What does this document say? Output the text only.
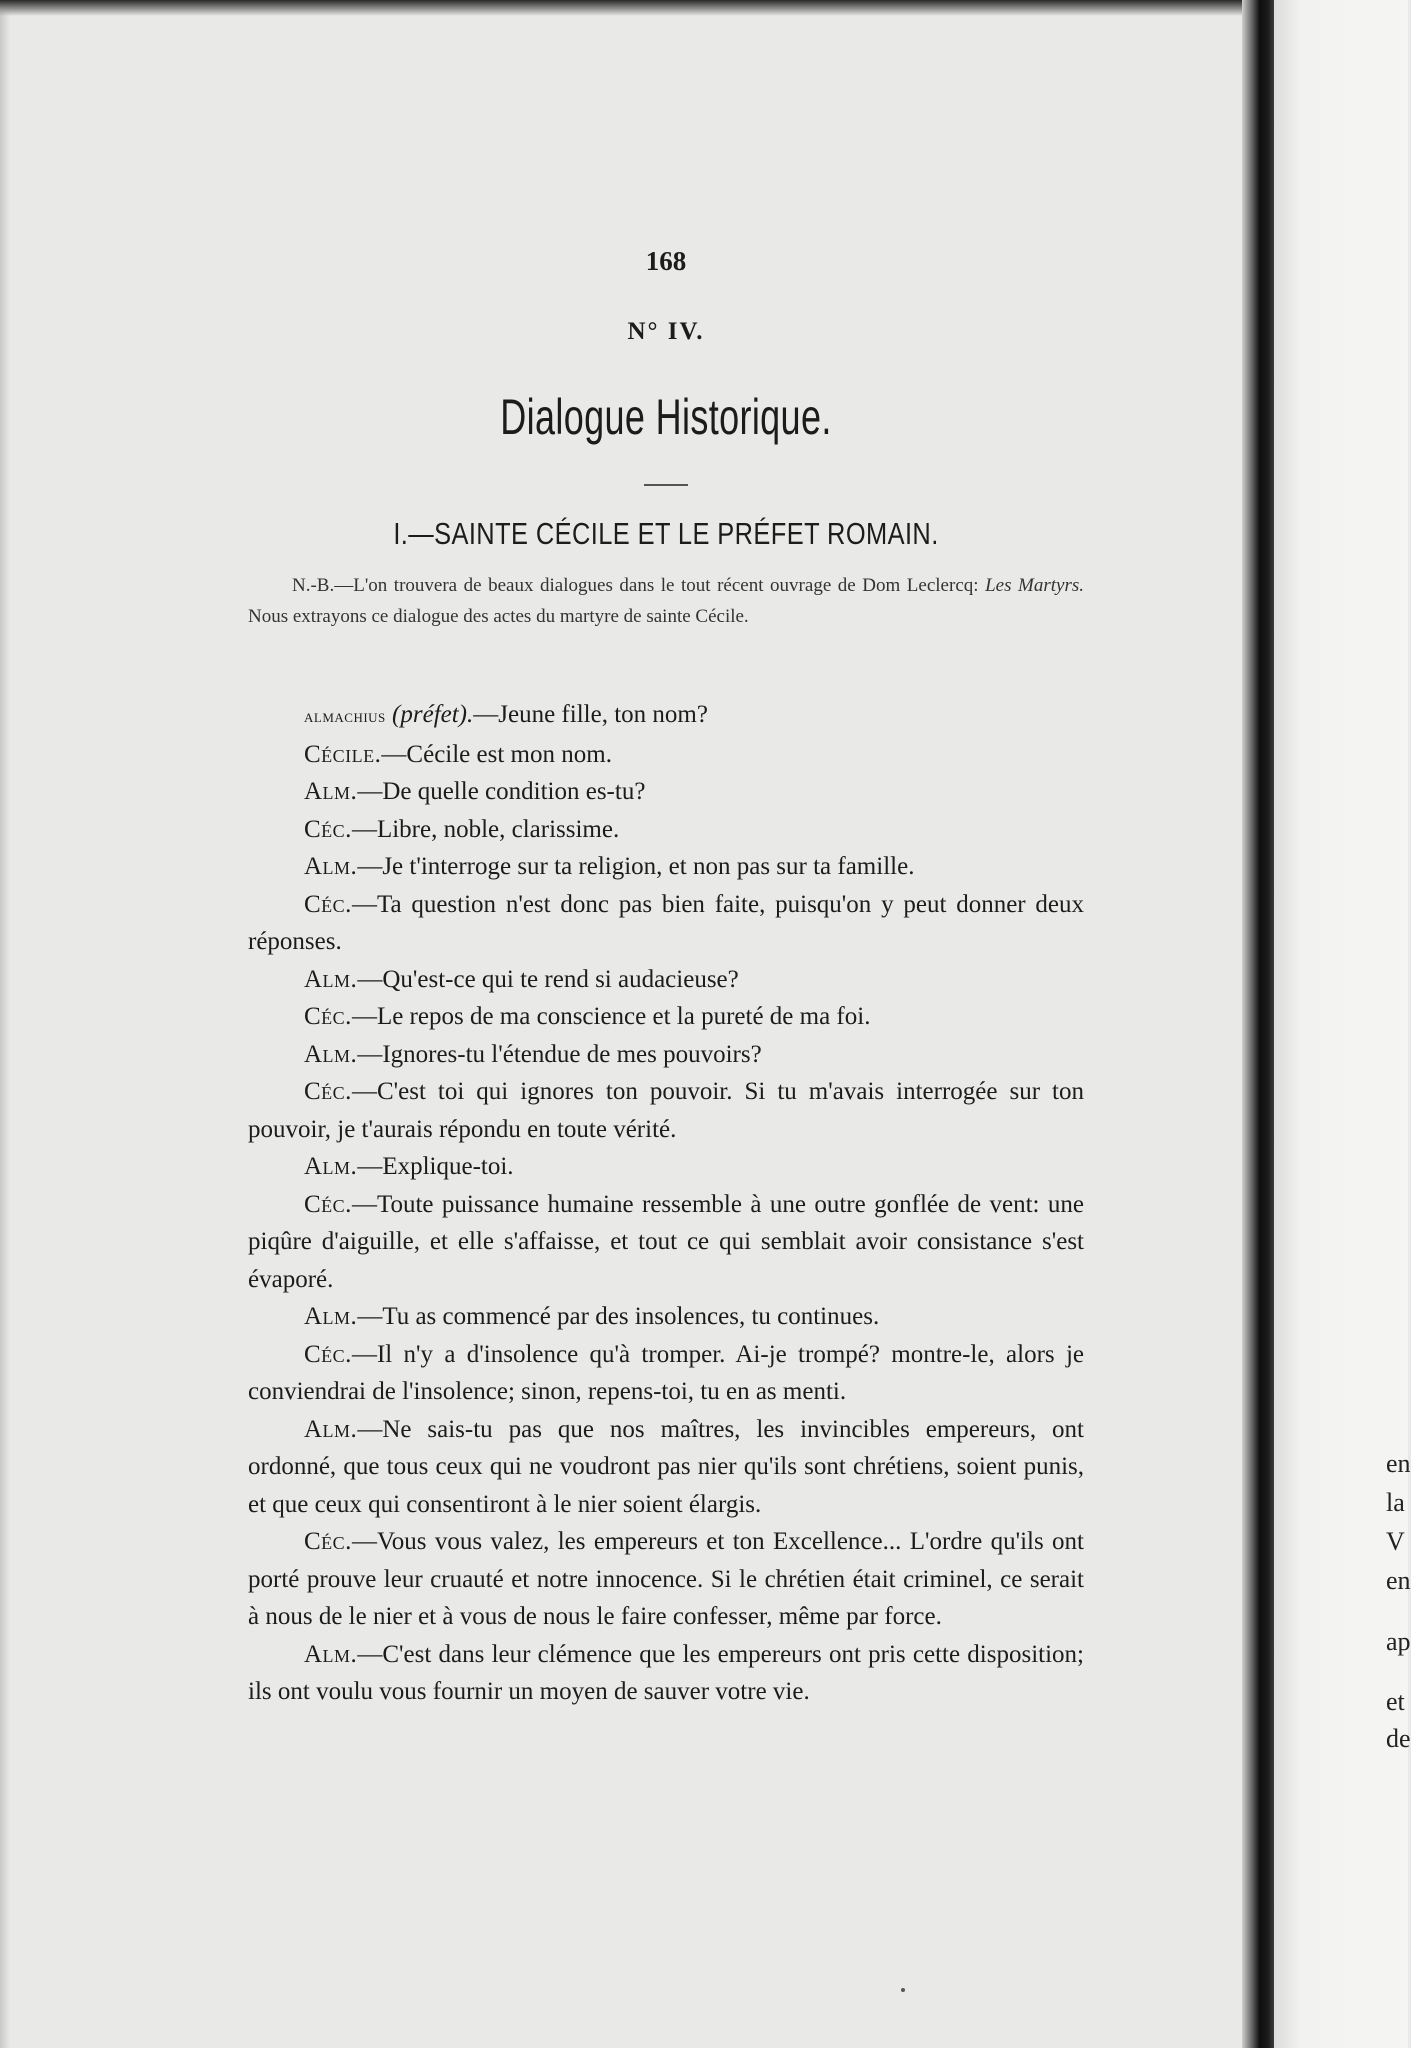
168
N° IV.
Dialogue Historique.
I.—SAINTE CÉCILE ET LE PRÉFET ROMAIN.
N.-B.—L'on trouvera de beaux dialogues dans le tout récent ouvrage de Dom Leclercq: Les Martyrs. Nous extrayons ce dialogue des actes du martyre de sainte Cécile.

almachius (préfet).—Jeune fille, ton nom?

Cécile.—Cécile est mon nom.

Alm.—De quelle condition es-tu?

Céc.—Libre, noble, clarissime.

Alm.—Je t'interroge sur ta religion, et non pas sur ta famille.

Céc.—Ta question n'est donc pas bien faite, puisqu'on y peut donner deux réponses.

Alm.—Qu'est-ce qui te rend si audacieuse?

Céc.—Le repos de ma conscience et la pureté de ma foi.

Alm.—Ignores-tu l'étendue de mes pouvoirs?

Céc.—C'est toi qui ignores ton pouvoir. Si tu m'avais interrogée sur ton pouvoir, je t'aurais répondu en toute vérité.

Alm.—Explique-toi.

Céc.—Toute puissance humaine ressemble à une outre gonflée de vent: une piqûre d'aiguille, et elle s'affaisse, et tout ce qui semblait avoir consistance s'est évaporé.

Alm.—Tu as commencé par des insolences, tu continues.

Céc.—Il n'y a d'insolence qu'à tromper. Ai-je trompé? montre-le, alors je conviendrai de l'insolence; sinon, repens-toi, tu en as menti.

Alm.—Ne sais-tu pas que nos maîtres, les invincibles empereurs, ont ordonné, que tous ceux qui ne voudront pas nier qu'ils sont chrétiens, soient punis, et que ceux qui consentiront à le nier soient élargis.

Céc.—Vous vous valez, les empereurs et ton Excellence... L'ordre qu'ils ont porté prouve leur cruauté et notre innocence. Si le chrétien était criminel, ce serait à nous de le nier et à vous de nous le faire confesser, même par force.

Alm.—C'est dans leur clémence que les empereurs ont pris cette disposition; ils ont voulu vous fournir un moyen de sauver votre vie.

en
la
V
en
ap
et
de
